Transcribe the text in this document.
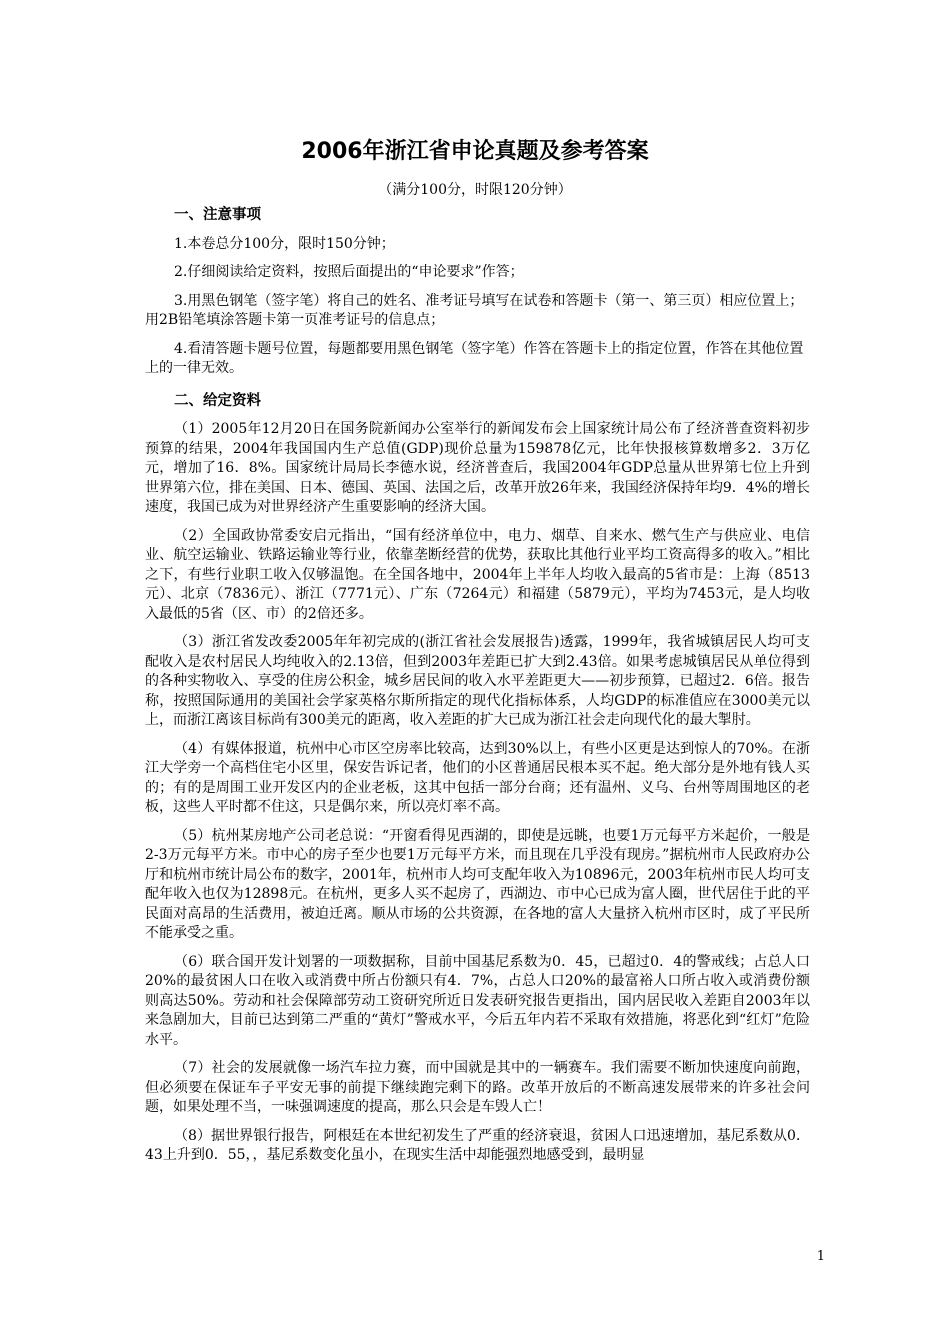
2006年浙江省申论真题及参考答案
（满分100分，时限120分钟）
一、注意事项
1.本卷总分100分，限时150分钟；
2.仔细阅读给定资料，按照后面提出的“申论要求”作答；
3.用黑色钢笔（签字笔）将自己的姓名、准考证号填写在试卷和答题卡（第一、第三页）相应位置上；用2B铅笔填涂答题卡第一页准考证号的信息点；
4.看清答题卡题号位置，每题都要用黑色钢笔（签字笔）作答在答题卡上的指定位置，作答在其他位置上的一律无效。
二、给定资料
（1）2005年12月20日在国务院新闻办公室举行的新闻发布会上国家统计局公布了经济普查资料初步预算的结果，2004年我国国内生产总值(GDP)现价总量为159878亿元，比年快报核算数增多2．3万亿元，增加了16．8%。国家统计局局长李德水说，经济普查后，我国2004年GDP总量从世界第七位上升到世界第六位，排在美国、日本、德国、英国、法国之后，改革开放26年来，我国经济保持年均9．4%的增长速度，我国已成为对世界经济产生重要影响的经济大国。
（2）全国政协常委安启元指出，“国有经济单位中，电力、烟草、自来水、燃气生产与供应业、电信业、航空运输业、铁路运输业等行业，依靠垄断经营的优势，获取比其他行业平均工资高得多的收入。”相比之下，有些行业职工收入仅够温饱。在全国各地中，2004年上半年人均收入最高的5省市是：上海（8513元）、北京（7836元）、浙江（7771元）、广东（7264元）和福建（5879元），平均为7453元，是人均收入最低的5省（区、市）的2倍还多。
（3）浙江省发改委2005年年初完成的(浙江省社会发展报告)透露，1999年，我省城镇居民人均可支配收入是农村居民人均纯收入的2.13倍，但到2003年差距已扩大到2.43倍。如果考虑城镇居民从单位得到的各种实物收入、享受的住房公积金，城乡居民间的收入水平差距更大——初步预算，已超过2．6倍。报告称，按照国际通用的美国社会学家英格尔斯所指定的现代化指标体系，人均GDP的标准值应在3000美元以上，而浙江离该目标尚有300美元的距离，收入差距的扩大已成为浙江社会走向现代化的最大掣肘。
（4）有媒体报道，杭州中心市区空房率比较高，达到30%以上，有些小区更是达到惊人的70%。在浙江大学旁一个高档住宅小区里，保安告诉记者，他们的小区普通居民根本买不起。绝大部分是外地有钱人买的；有的是周围工业开发区内的企业老板，这其中包括一部分台商；还有温州、义乌、台州等周围地区的老板，这些人平时都不住这，只是偶尔来，所以亮灯率不高。
（5）杭州某房地产公司老总说：“开窗看得见西湖的，即使是远眺，也要1万元每平方米起价，一般是2-3万元每平方米。市中心的房子至少也要1万元每平方米，而且现在几乎没有现房。”据杭州市人民政府办公厅和杭州市统计局公布的数字，2001年，杭州市人均可支配年收入为10896元，2003年杭州市民人均可支配年收入也仅为12898元。在杭州，更多人买不起房了，西湖边、市中心已成为富人圈，世代居住于此的平民面对高昂的生活费用，被迫迁离。顺从市场的公共资源，在各地的富人大量挤入杭州市区时，成了平民所不能承受之重。
（6）联合国开发计划署的一项数据称，目前中国基尼系数为0．45，已超过0．4的警戒线；占总人口20%的最贫困人口在收入或消费中所占份额只有4．7%，占总人口20%的最富裕人口所占收入或消费份额则高达50%。劳动和社会保障部劳动工资研究所近日发表研究报告更指出，国内居民收入差距自2003年以来急剧加大，目前已达到第二严重的“黄灯”警戒水平，今后五年内若不采取有效措施，将恶化到“红灯”危险水平。
（7）社会的发展就像一场汽车拉力赛，而中国就是其中的一辆赛车。我们需要不断加快速度向前跑，但必须要在保证车子平安无事的前提下继续跑完剩下的路。改革开放后的不断高速发展带来的许多社会问题，如果处理不当，一味强调速度的提高，那么只会是车毁人亡！
（8）据世界银行报告，阿根廷在本世纪初发生了严重的经济衰退，贫困人口迅速增加，基尼系数从0．43上升到0．55，，基尼系数变化虽小，在现实生活中却能强烈地感受到，最明显
1
